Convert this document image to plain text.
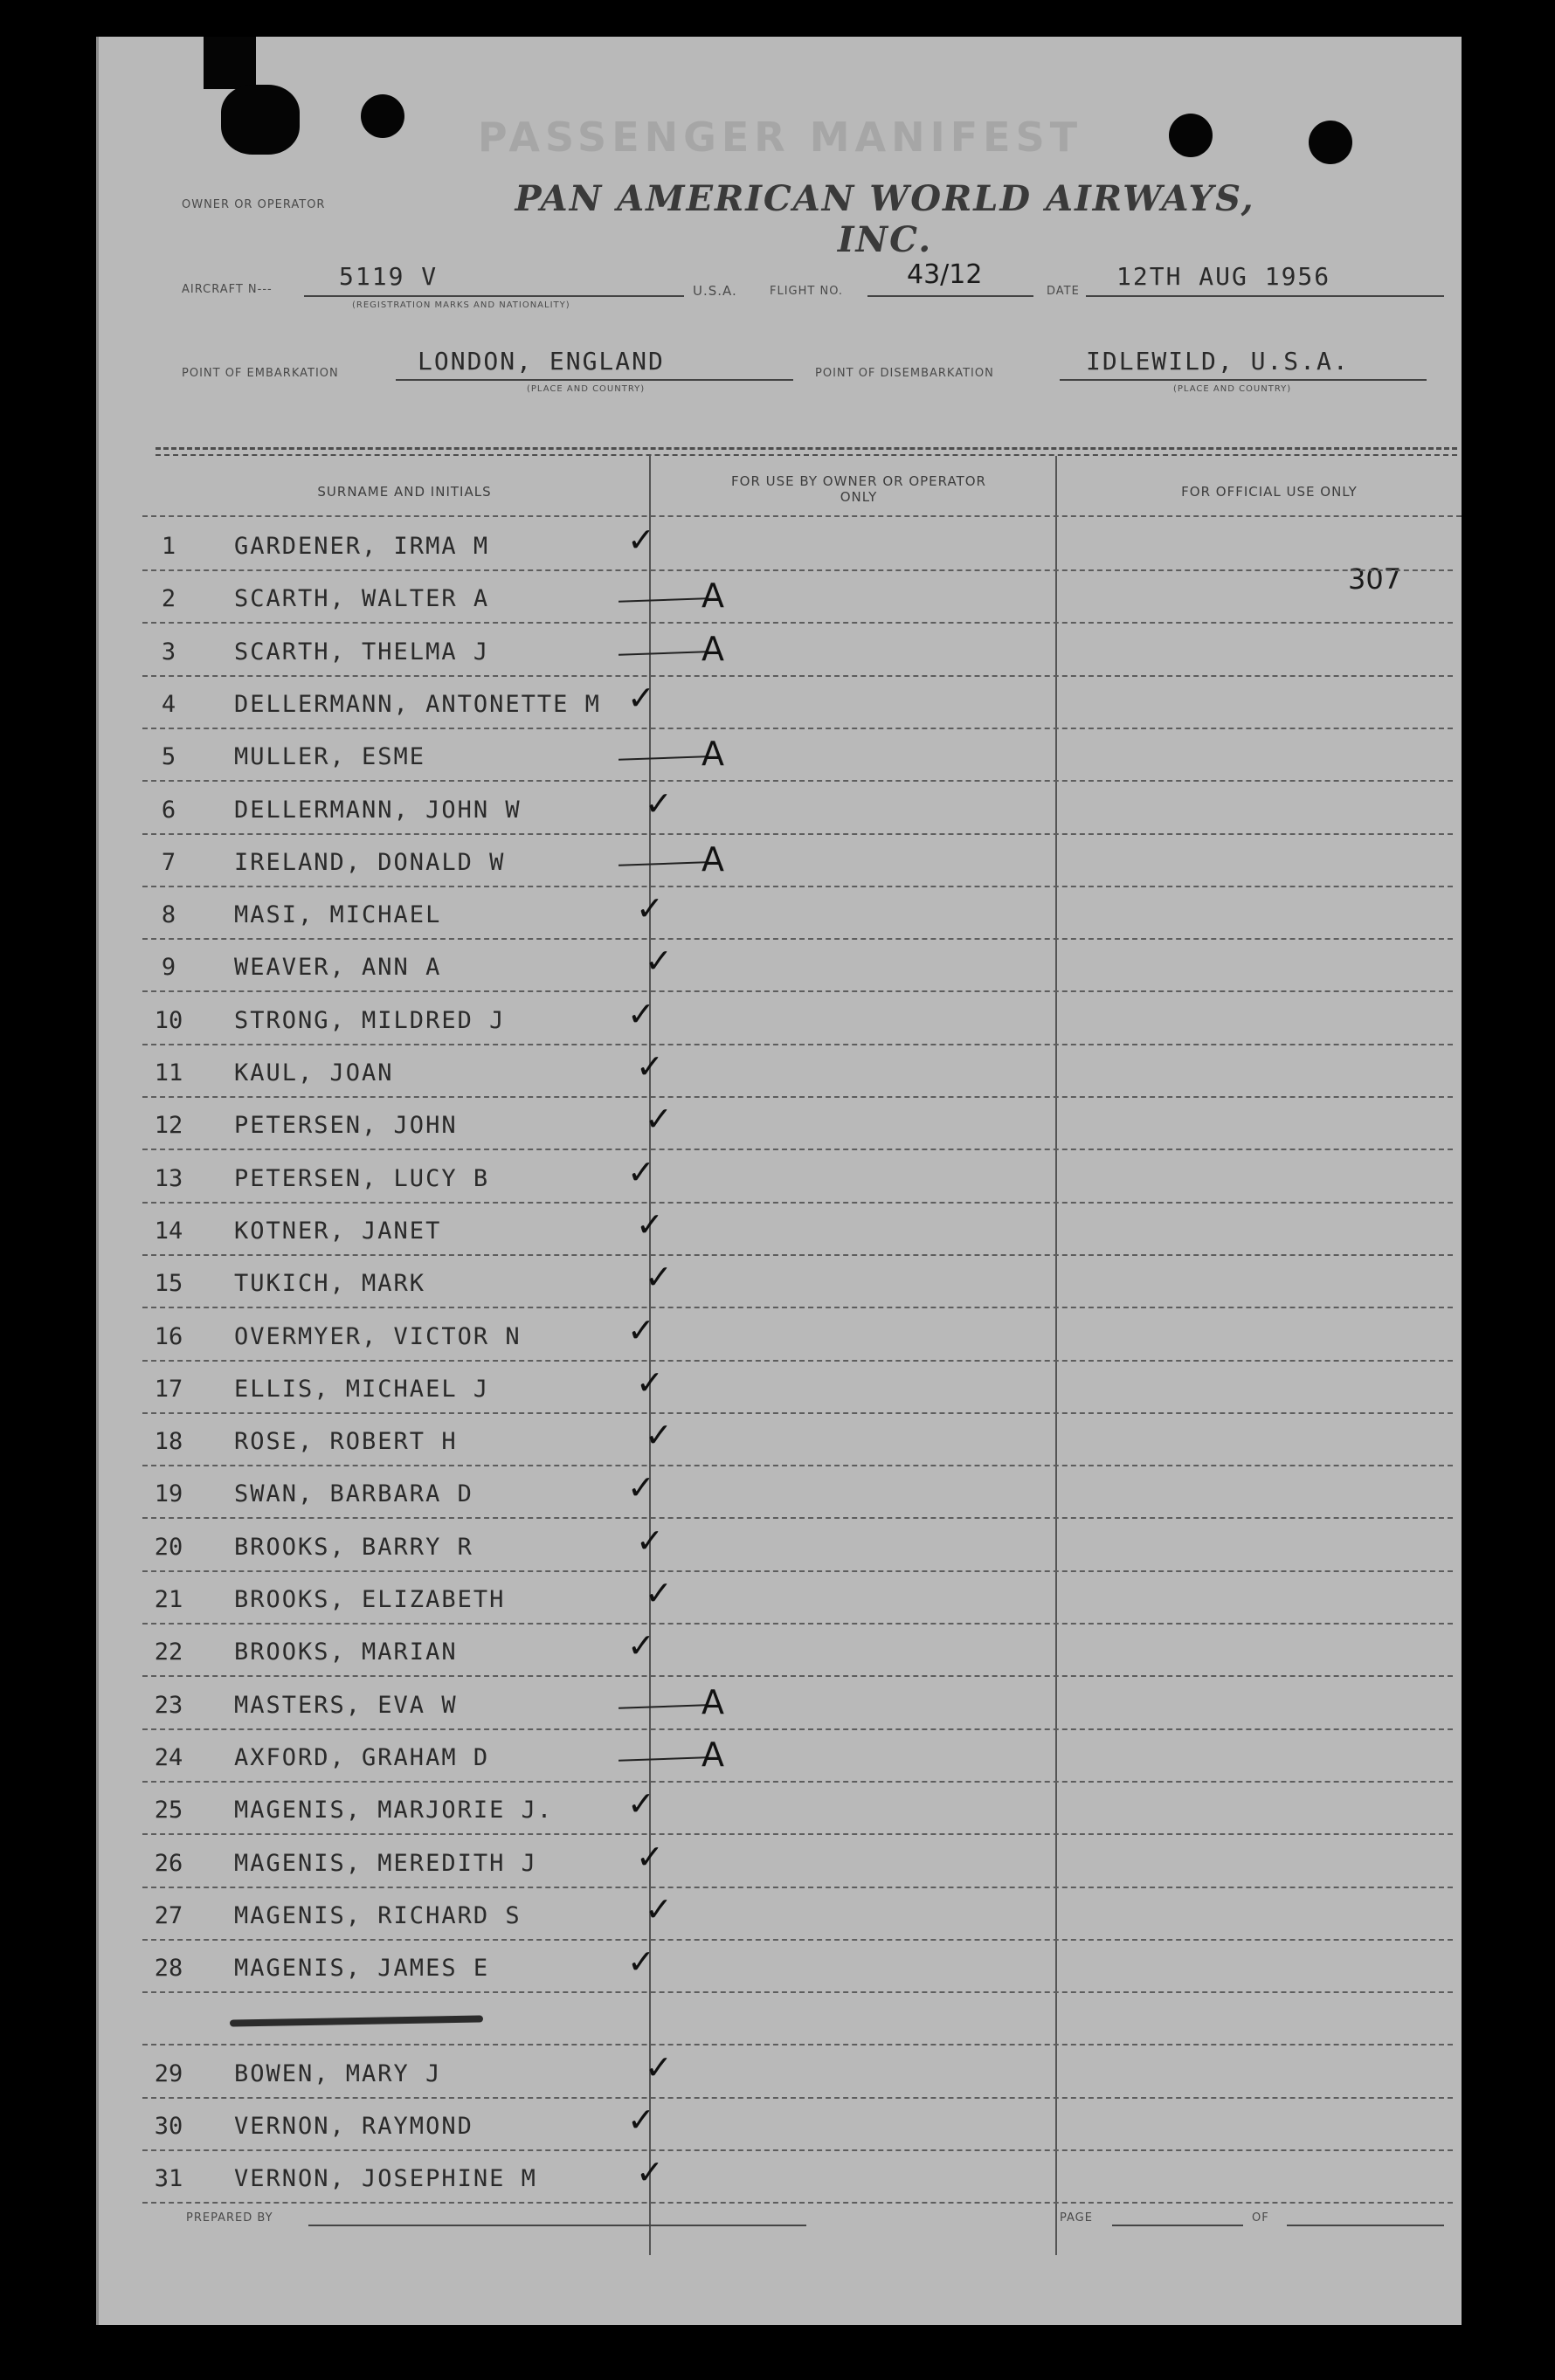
PASSENGER MANIFEST
OWNER OR OPERATOR	PAN AMERICAN WORLD AIRWAYS, INC.
AIRCRAFT N---	5119 V
(REGISTRATION MARKS AND NATIONALITY)
U.S.A.	FLIGHT NO.
43/12
DATE
12TH AUG 1956
POINT OF EMBARKATION	LONDON, ENGLAND
(PLACE AND COUNTRY)
POINT OF DISEMBARKATION	IDLEWILD, U.S.A.
(PLACE AND COUNTRY)
SURNAME AND INITIALS
FOR USE BY OWNER OR OPERATOR ONLY	FOR OFFICIAL USE ONLY
307
1	GARDENER, IRMA M	✓
2	SCARTH, WALTER A	A
3	SCARTH, THELMA J	A
4	DELLERMANN, ANTONETTE M ✓
5	MULLER, ESME	A
6	DELLERMANN, JOHN W	✓
7	IRELAND, DONALD W	A
8	MASI, MICHAEL	✓
9	WEAVER, ANN A	✓
10	STRONG, MILDRED J	✓
11	KAUL, JOAN	✓
12	PETERSEN, JOHN	✓
13	PETERSEN, LUCY B	✓
14	KOTNER, JANET	✓
15	TUKICH, MARK	✓
16	OVERMYER, VICTOR N	✓
17	ELLIS, MICHAEL J	✓
18	ROSE, ROBERT H	✓
19	SWAN, BARBARA D	✓
20	BROOKS, BARRY R	✓
21	BROOKS, ELIZABETH	✓
22	BROOKS, MARIAN	✓
23	MASTERS, EVA W	A
24	AXFORD, GRAHAM D	A
25	MAGENIS, MARJORIE J. ✓
26	MAGENIS, MEREDITH J	✓
27	MAGENIS, RICHARD S	✓
28	MAGENIS, JAMES E	✓
29	BOWEN, MARY J	✓
30	VERNON, RAYMOND	✓
31	VERNON, JOSEPHINE M	✓
PREPARED BY	PAGE	OF
